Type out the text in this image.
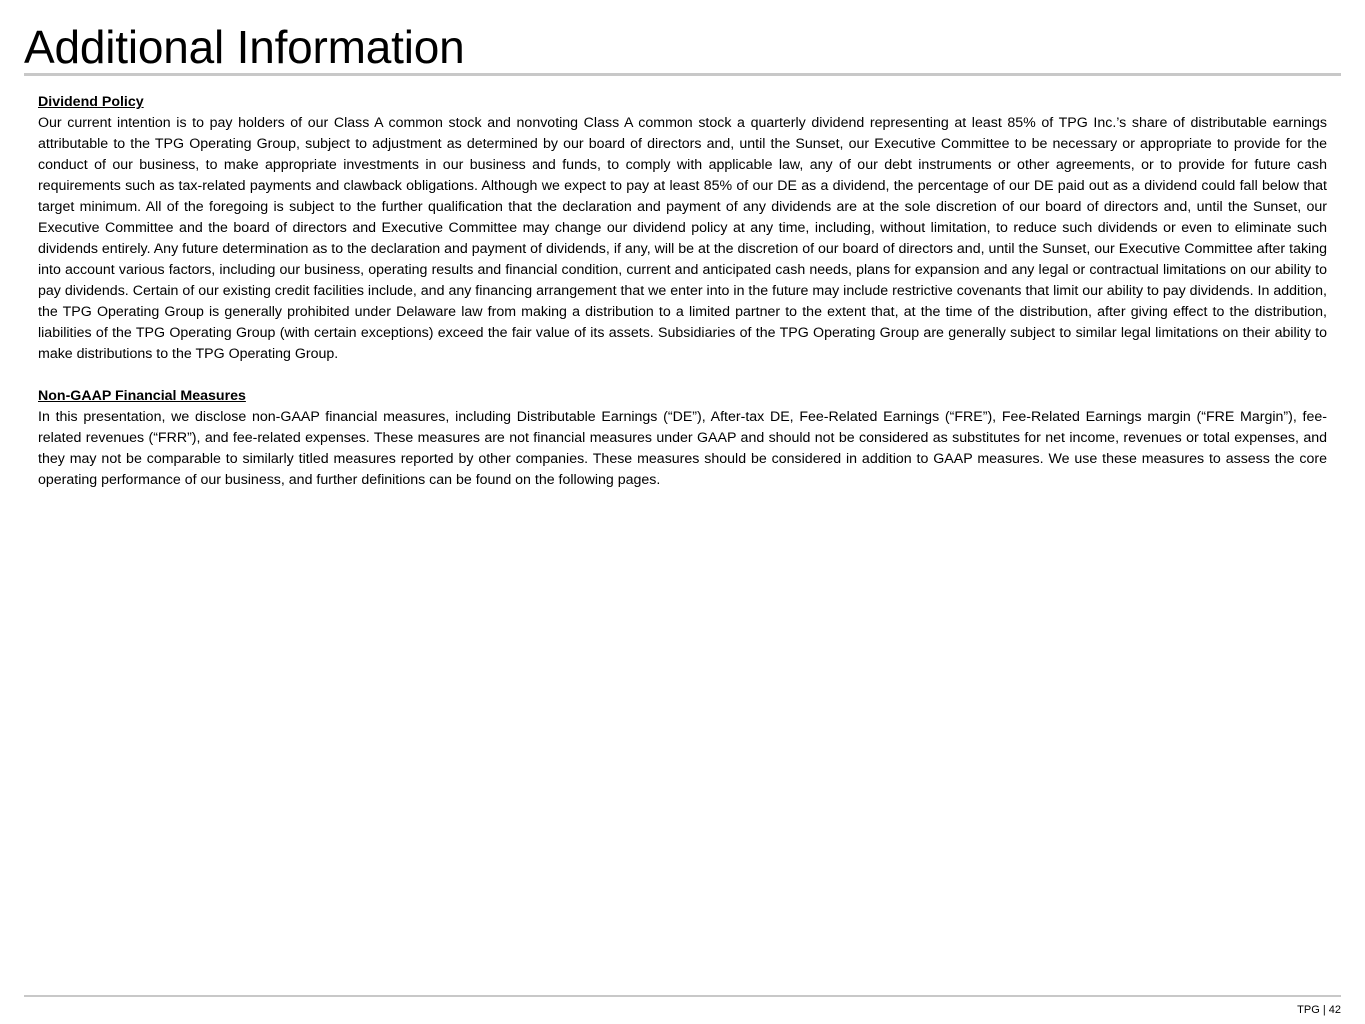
Additional Information
Dividend Policy

Our current intention is to pay holders of our Class A common stock and nonvoting Class A common stock a quarterly dividend representing at least 85% of TPG Inc.’s share of distributable earnings attributable to the TPG Operating Group, subject to adjustment as determined by our board of directors and, until the Sunset, our Executive Committee to be necessary or appropriate to provide for the conduct of our business, to make appropriate investments in our business and funds, to comply with applicable law, any of our debt instruments or other agreements, or to provide for future cash requirements such as tax-related payments and clawback obligations. Although we expect to pay at least 85% of our DE as a dividend, the percentage of our DE paid out as a dividend could fall below that target minimum. All of the foregoing is subject to the further qualification that the declaration and payment of any dividends are at the sole discretion of our board of directors and, until the Sunset, our Executive Committee and the board of directors and Executive Committee may change our dividend policy at any time, including, without limitation, to reduce such dividends or even to eliminate such dividends entirely. Any future determination as to the declaration and payment of dividends, if any, will be at the discretion of our board of directors and, until the Sunset, our Executive Committee after taking into account various factors, including our business, operating results and financial condition, current and anticipated cash needs, plans for expansion and any legal or contractual limitations on our ability to pay dividends. Certain of our existing credit facilities include, and any financing arrangement that we enter into in the future may include restrictive covenants that limit our ability to pay dividends. In addition, the TPG Operating Group is generally prohibited under Delaware law from making a distribution to a limited partner to the extent that, at the time of the distribution, after giving effect to the distribution, liabilities of the TPG Operating Group (with certain exceptions) exceed the fair value of its assets. Subsidiaries of the TPG Operating Group are generally subject to similar legal limitations on their ability to make distributions to the TPG Operating Group.

Non-GAAP Financial Measures

In this presentation, we disclose non-GAAP financial measures, including Distributable Earnings (“DE”), After-tax DE, Fee-Related Earnings (“FRE”), Fee-Related Earnings margin (“FRE Margin”), fee-related revenues (“FRR”), and fee-related expenses. These measures are not financial measures under GAAP and should not be considered as substitutes for net income, revenues or total expenses, and they may not be comparable to similarly titled measures reported by other companies. These measures should be considered in addition to GAAP measures. We use these measures to assess the core operating performance of our business, and further definitions can be found on the following pages.

TPG | 42
